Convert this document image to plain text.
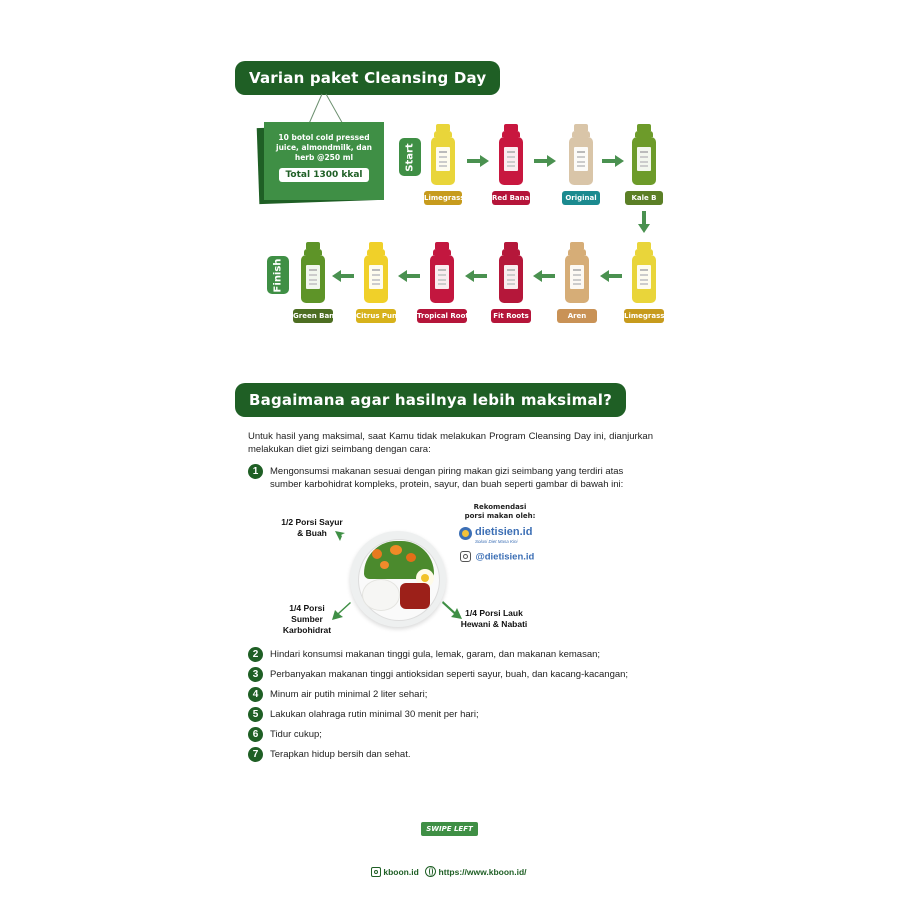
Varian paket Cleansing Day
10 botol cold pressed juice, almondmilk, dan herb @250 ml
Total 1300 kkal
Start
Finish
Limegrass	Red Banana	Original	Kale B
Limegrass
Aren
Fit Roots
Tropical Roots
Citrus Punch
Green Banana
Bagaimana agar hasilnya lebih maksimal?
Untuk hasil yang maksimal, saat Kamu tidak melakukan Program Cleansing Day ini, dianjurkan melakukan diet gizi seimbang dengan cara:
1	Mengonsumsi makanan sesuai dengan piring makan gizi seimbang yang terdiri atas
sumber karbohidrat kompleks, protein, sayur, dan buah seperti gambar di bawah ini:
1/2 Porsi Sayur
& Buah
1/4 Porsi
Sumber
Karbohidrat
1/4 Porsi Lauk
Hewani & Nabati
Rekomendasi
porsi makan oleh:
dietisien.id
Solusi Diet Masa Kini
@dietisien.id
2	Hindari konsumsi makanan tinggi gula, lemak, garam, dan makanan kemasan;
3	Perbanyakan makanan tinggi antioksidan seperti sayur, buah, dan kacang-kacangan;
4	Minum air putih minimal 2 liter sehari;
5	Lakukan olahraga rutin minimal 30 menit per hari;
6	Tidur cukup;
7	Terapkan hidup bersih dan sehat.
SWIPE LEFT >>>
kboon.id https://www.kboon.id/
